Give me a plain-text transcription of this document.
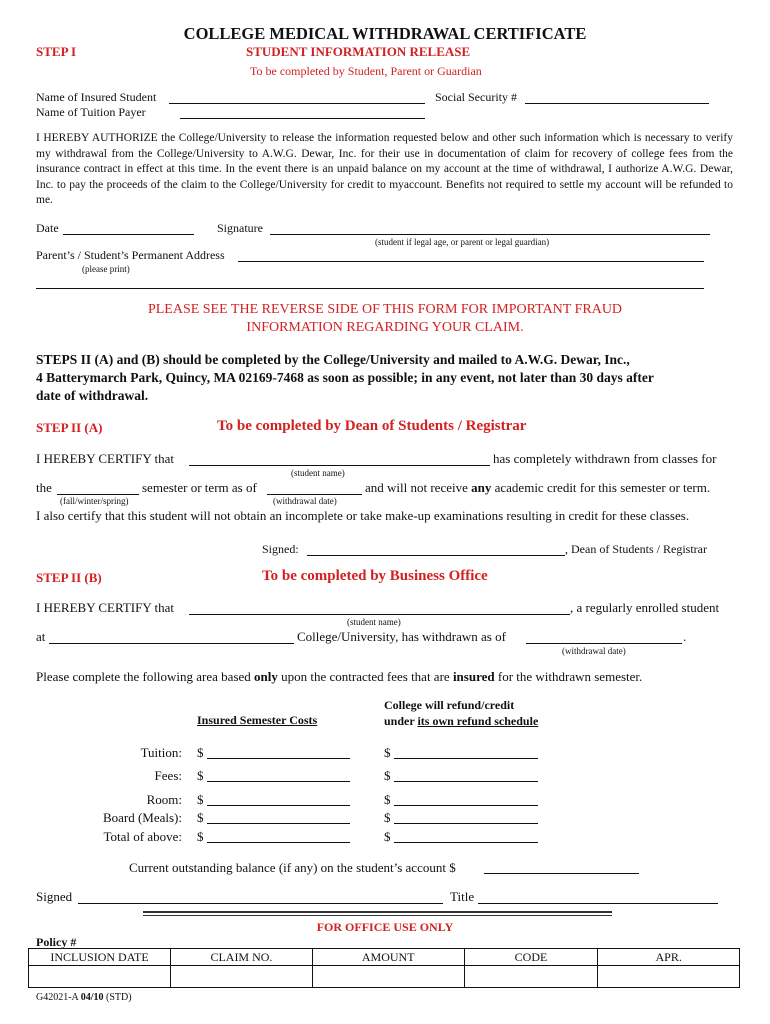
COLLEGE MEDICAL WITHDRAWAL CERTIFICATE
STEP I	STUDENT INFORMATION RELEASE
To be completed by Student, Parent or Guardian
Name of Insured Student	Social Security #
Name of Tuition Payer
I HEREBY AUTHORIZE the College/University to release the information requested below and other such information which is necessary to verify my withdrawal from the College/University to A.W.G. Dewar, Inc. for their use in documentation of claim for recovery of college fees from the insurance contract in effect at this time. In the event there is an unpaid balance on my account at the time of withdrawal, I authorize A.W.G. Dewar, Inc. to pay the proceeds of the claim to the College/University for credit to myaccount. Benefits not required to settle my account will be refunded to me.
Date	Signature
(student if legal age, or parent or legal guardian)
Parent’s / Student’s Permanent Address
(please print)
PLEASE SEE THE REVERSE SIDE OF THIS FORM FOR IMPORTANT FRAUD
INFORMATION REGARDING YOUR CLAIM.
STEPS II (A) and (B) should be completed by the College/University and mailed to A.W.G. Dewar, Inc.,
4 Batterymarch Park, Quincy, MA 02169-7468 as soon as possible; in any event, not later than 30 days after
date of withdrawal.
STEP II (A)	To be completed by Dean of Students / Registrar
I HEREBY CERTIFY that	has completely withdrawn from classes for
(student name)
the	semester or term as of	and will not receive any academic credit for this semester or term.
(fall/winter/spring)	(withdrawal date)
I also certify that this student will not obtain an incomplete or take make-up examinations resulting in credit for these classes.
Signed:	, Dean of Students / Registrar
STEP II (B)	To be completed by Business Office
I HEREBY CERTIFY that	, a regularly enrolled student
(student name)
at	College/University, has withdrawn as of	.
(withdrawal date)
Please complete the following area based only upon the contracted fees that are insured for the withdrawn semester.
Insured Semester Costs
College will refund/credit
under its own refund schedule
Tuition: $	$
Fees: $	$
Room: $	$
Board (Meals): $	$
Total of above: $	$
Current outstanding balance (if any) on the student’s account $
Signed	Title
FOR OFFICE USE ONLY
Policy #
INCLUSION DATE	CLAIM NO.	AMOUNT	CODE	APR.

G42021-A 04/10 (STD)
